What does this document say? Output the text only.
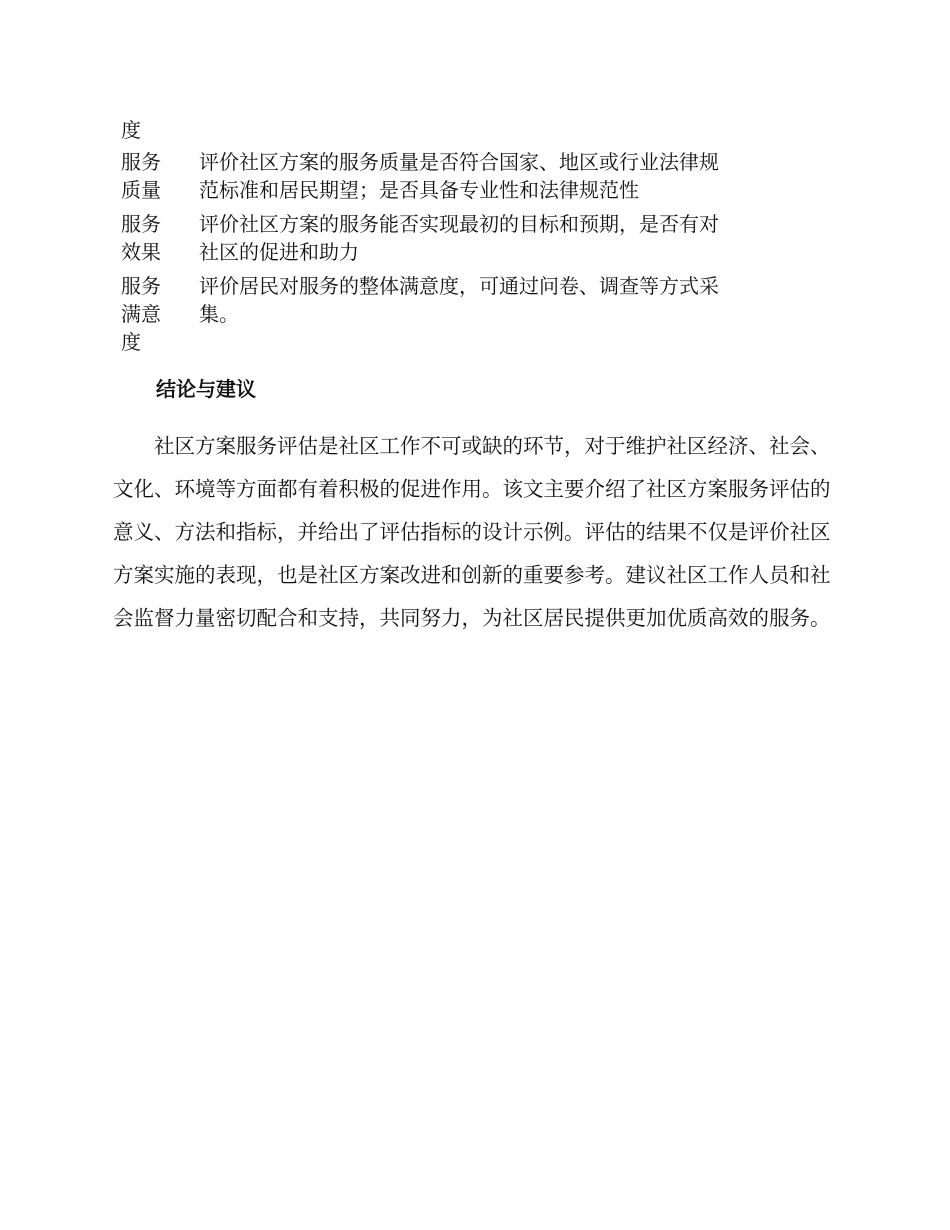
度
服务质量
评价社区方案的服务质量是否符合国家、地区或行业法律规范标准和居民期望；是否具备专业性和法律规范性
服务效果
评价社区方案的服务能否实现最初的目标和预期，是否有对社区的促进和助力
服务满意度
评价居民对服务的整体满意度，可通过问卷、调查等方式采集。
结论与建议

社区方案服务评估是社区工作不可或缺的环节，对于维护社区经济、社会、文化、环境等方面都有着积极的促进作用。该文主要介绍了社区方案服务评估的意义、方法和指标，并给出了评估指标的设计示例。评估的结果不仅是评价社区方案实施的表现，也是社区方案改进和创新的重要参考。建议社区工作人员和社会监督力量密切配合和支持，共同努力，为社区居民提供更加优质高效的服务。
